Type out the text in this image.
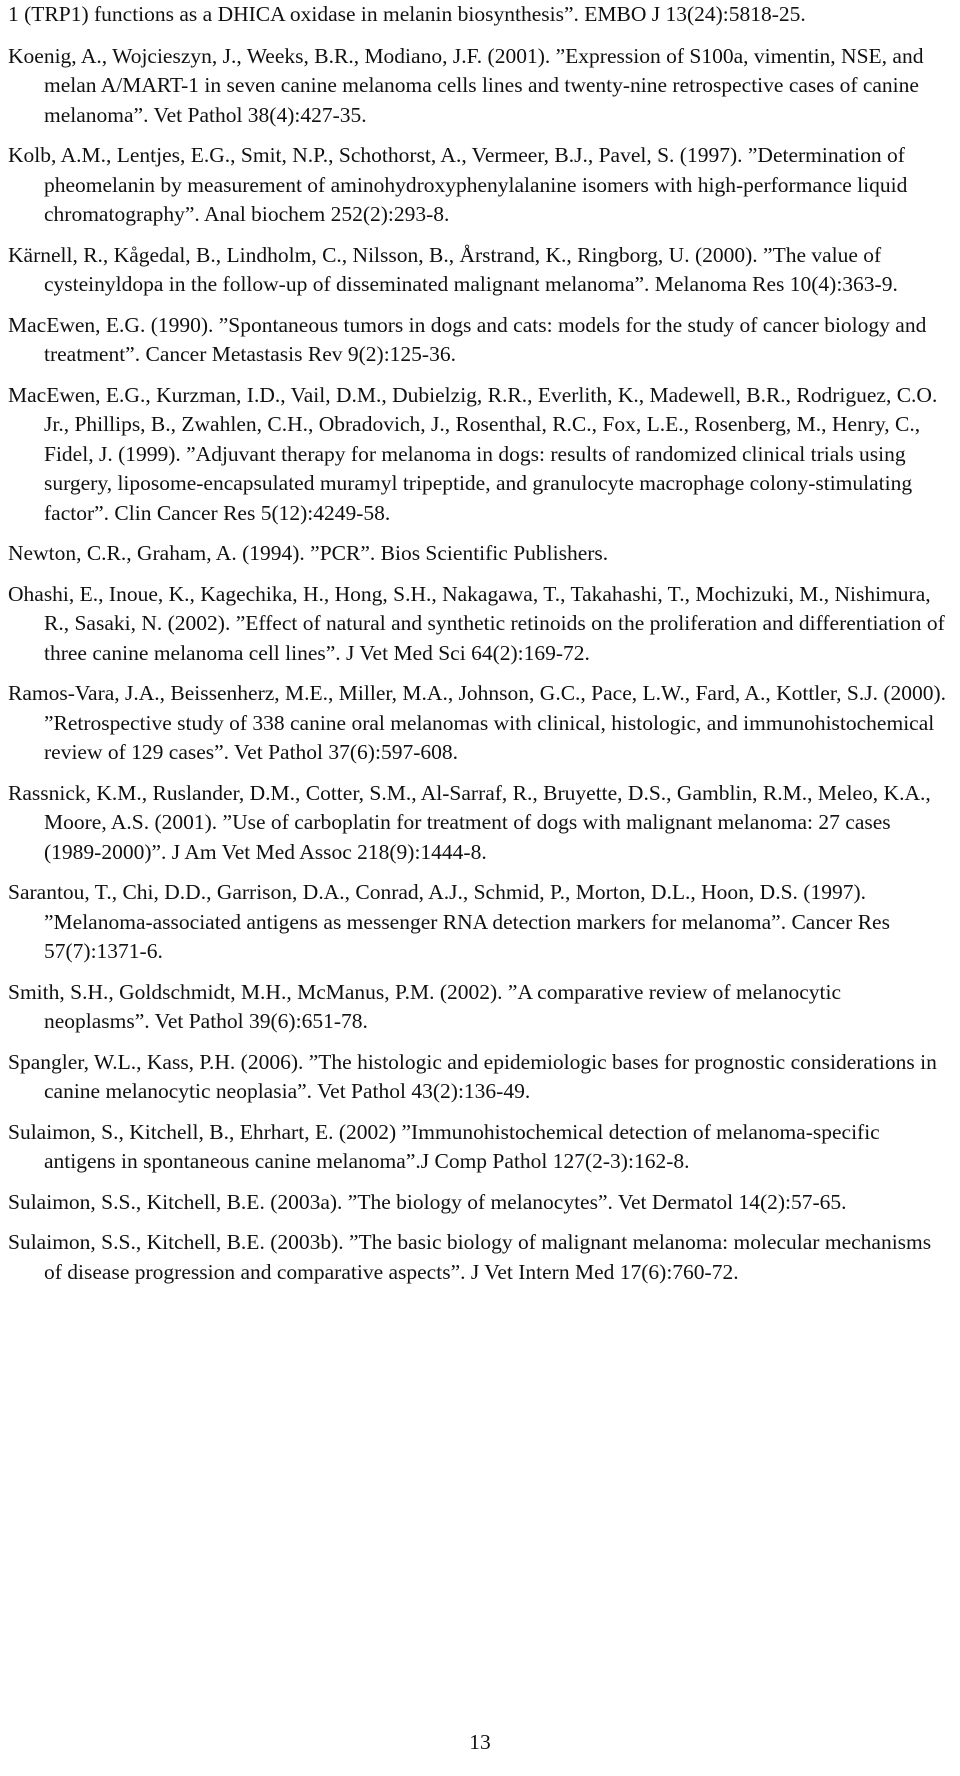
1 (TRP1) functions as a DHICA oxidase in melanin biosynthesis”. EMBO J 13(24):5818-25.

Koenig, A., Wojcieszyn, J., Weeks, B.R., Modiano, J.F. (2001). ”Expression of S100a, vimentin, NSE, and melan A/MART-1 in seven canine melanoma cells lines and twenty-nine retrospective cases of canine melanoma”. Vet Pathol 38(4):427-35.

Kolb, A.M., Lentjes, E.G., Smit, N.P., Schothorst, A., Vermeer, B.J., Pavel, S. (1997). ”Determination of pheomelanin by measurement of aminohydroxyphenylalanine isomers with high-performance liquid chromatography”. Anal biochem 252(2):293-8.

Kärnell, R., Kågedal, B., Lindholm, C., Nilsson, B., Årstrand, K., Ringborg, U. (2000). ”The value of cysteinyldopa in the follow-up of disseminated malignant melanoma”. Melanoma Res 10(4):363-9.

MacEwen, E.G. (1990). ”Spontaneous tumors in dogs and cats: models for the study of cancer biology and treatment”. Cancer Metastasis Rev 9(2):125-36.

MacEwen, E.G., Kurzman, I.D., Vail, D.M., Dubielzig, R.R., Everlith, K., Madewell, B.R., Rodriguez, C.O. Jr., Phillips, B., Zwahlen, C.H., Obradovich, J., Rosenthal, R.C., Fox, L.E., Rosenberg, M., Henry, C., Fidel, J. (1999). ”Adjuvant therapy for melanoma in dogs: results of randomized clinical trials using surgery, liposome-encapsulated muramyl tripeptide, and granulocyte macrophage colony-stimulating factor”. Clin Cancer Res 5(12):4249-58.

Newton, C.R., Graham, A. (1994). ”PCR”. Bios Scientific Publishers.

Ohashi, E., Inoue, K., Kagechika, H., Hong, S.H., Nakagawa, T., Takahashi, T., Mochizuki, M., Nishimura, R., Sasaki, N. (2002). ”Effect of natural and synthetic retinoids on the proliferation and differentiation of three canine melanoma cell lines”. J Vet Med Sci 64(2):169-72.

Ramos-Vara, J.A., Beissenherz, M.E., Miller, M.A., Johnson, G.C., Pace, L.W., Fard, A., Kottler, S.J. (2000). ”Retrospective study of 338 canine oral melanomas with clinical, histologic, and immunohistochemical review of 129 cases”. Vet Pathol 37(6):597-608.

Rassnick, K.M., Ruslander, D.M., Cotter, S.M., Al-Sarraf, R., Bruyette, D.S., Gamblin, R.M., Meleo, K.A., Moore, A.S. (2001). ”Use of carboplatin for treatment of dogs with malignant melanoma: 27 cases (1989-2000)”. J Am Vet Med Assoc 218(9):1444-8.

Sarantou, T., Chi, D.D., Garrison, D.A., Conrad, A.J., Schmid, P., Morton, D.L., Hoon, D.S. (1997). ”Melanoma-associated antigens as messenger RNA detection markers for melanoma”. Cancer Res 57(7):1371-6.

Smith, S.H., Goldschmidt, M.H., McManus, P.M. (2002). ”A comparative review of melanocytic neoplasms”. Vet Pathol 39(6):651-78.

Spangler, W.L., Kass, P.H. (2006). ”The histologic and epidemiologic bases for prognostic considerations in canine melanocytic neoplasia”. Vet Pathol 43(2):136-49.

Sulaimon, S., Kitchell, B., Ehrhart, E. (2002) ”Immunohistochemical detection of melanoma-specific antigens in spontaneous canine melanoma”.J Comp Pathol 127(2-3):162-8.

Sulaimon, S.S., Kitchell, B.E. (2003a). ”The biology of melanocytes”. Vet Dermatol 14(2):57-65.

Sulaimon, S.S., Kitchell, B.E. (2003b). ”The basic biology of malignant melanoma: molecular mechanisms of disease progression and comparative aspects”. J Vet Intern Med 17(6):760-72.

13
